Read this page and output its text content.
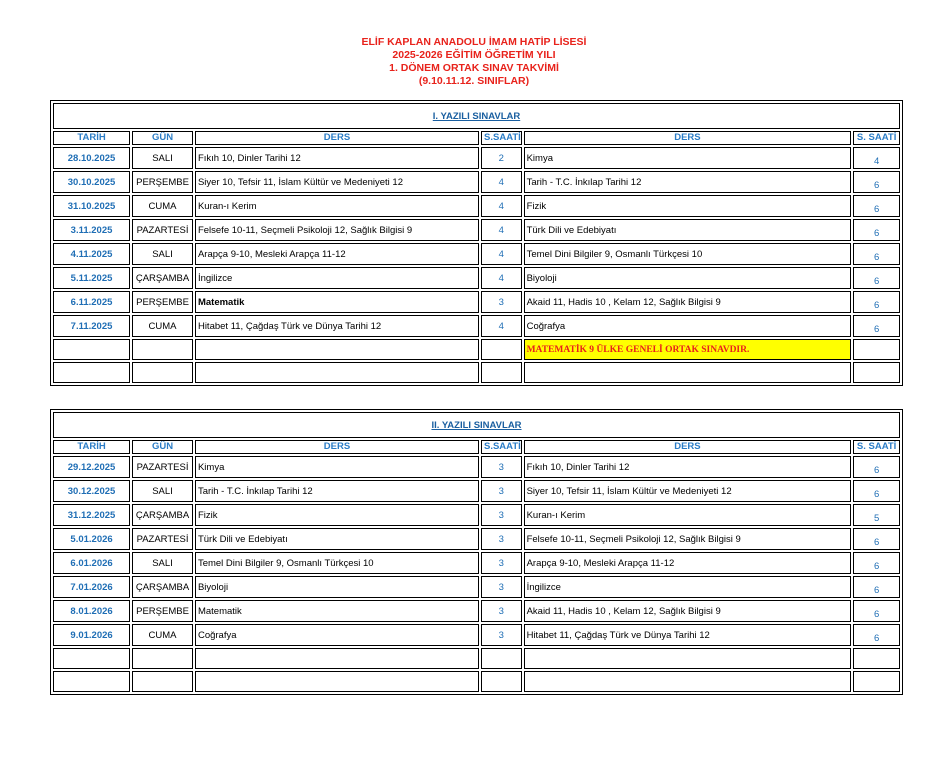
ELİF KAPLAN ANADOLU İMAM HATİP LİSESİ
2025-2026 EĞİTİM ÖĞRETİM YILI
1. DÖNEM ORTAK SINAV TAKVİMİ
(9.10.11.12. SINIFLAR)
I. YAZILI SINAVLAR					
TARİH	GÜN	DERS	S.SAATİ	DERS	S. SAATİ
28.10.2025	SALI	Fıkıh 10, Dinler Tarihi 12	2	Kimya	4
30.10.2025	PERŞEMBE	Siyer 10, Tefsir 11, İslam Kültür ve Medeniyeti 12	4	Tarih - T.C. İnkılap Tarihi 12	6
31.10.2025	CUMA	Kuran-ı Kerim	4	Fizik	6
3.11.2025	PAZARTESİ	Felsefe 10-11, Seçmeli Psikoloji 12, Sağlık Bilgisi 9	4	Türk Dili ve Edebiyatı	6
4.11.2025	SALI	Arapça 9-10, Mesleki Arapça 11-12	4	Temel Dini Bilgiler 9, Osmanlı Türkçesi 10	6
5.11.2025	ÇARŞAMBA	İngilizce	4	Biyoloji	6
6.11.2025	PERŞEMBE	Matematik	3	Akaid 11, Hadis 10 , Kelam 12, Sağlık Bilgisi 9	6
7.11.2025	CUMA	Hitabet 11, Çağdaş Türk ve Dünya Tarihi 12	4	Coğrafya	6
				MATEMATİK 9 ÜLKE GENELİ ORTAK SINAVDIR.	

II. YAZILI SINAVLAR					
TARİH	GÜN	DERS	S.SAATİ	DERS	S. SAATİ
29.12.2025	PAZARTESİ	Kimya	3	Fıkıh 10, Dinler Tarihi 12	6
30.12.2025	SALI	Tarih - T.C. İnkılap Tarihi 12	3	Siyer 10, Tefsir 11, İslam Kültür ve Medeniyeti 12	6
31.12.2025	ÇARŞAMBA	Fizik	3	Kuran-ı Kerim	5
5.01.2026	PAZARTESİ	Türk Dili ve Edebiyatı	3	Felsefe 10-11, Seçmeli Psikoloji 12, Sağlık Bilgisi 9	6
6.01.2026	SALI	Temel Dini Bilgiler 9, Osmanlı Türkçesi 10	3	Arapça 9-10, Mesleki Arapça 11-12	6
7.01.2026	ÇARŞAMBA	Biyoloji	3	İngilizce	6
8.01.2026	PERŞEMBE	Matematik	3	Akaid 11, Hadis 10 , Kelam 12, Sağlık Bilgisi 9	6
9.01.2026	CUMA	Coğrafya	3	Hitabet 11, Çağdaş Türk ve Dünya Tarihi 12	6
